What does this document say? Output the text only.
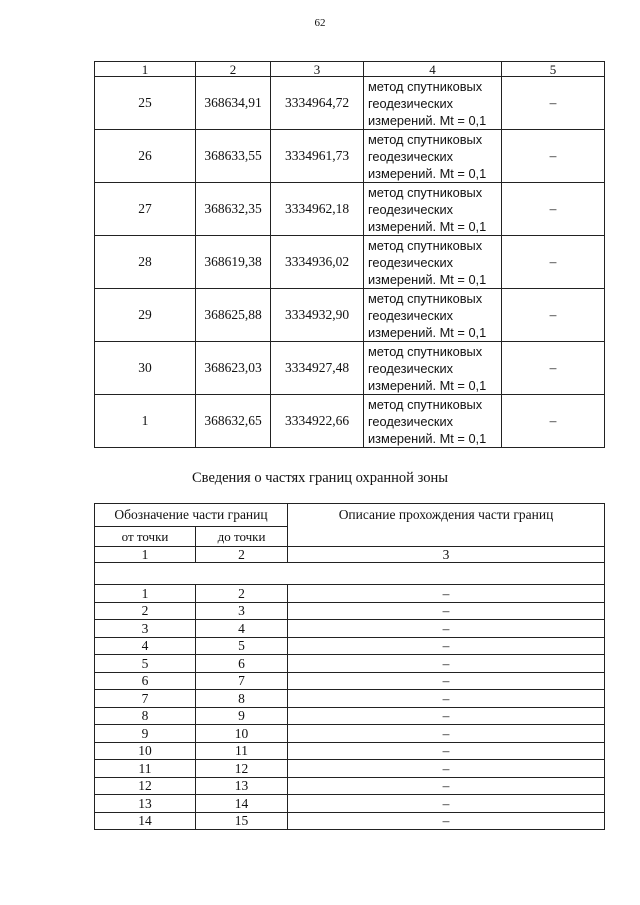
62
1	2	3	4	5
25	368634,91	3334964,72	метод спутниковых
геодезических
измерений. Mt = 0,1	–
26	368633,55	3334961,73	метод спутниковых
геодезических
измерений. Mt = 0,1	–
27	368632,35	3334962,18	метод спутниковых
геодезических
измерений. Mt = 0,1	–
28	368619,38	3334936,02	метод спутниковых
геодезических
измерений. Mt = 0,1	–
29	368625,88	3334932,90	метод спутниковых
геодезических
измерений. Mt = 0,1	–
30	368623,03	3334927,48	метод спутниковых
геодезических
измерений. Mt = 0,1	–
1	368632,65	3334922,66	метод спутниковых
геодезических
измерений. Mt = 0,1	–
Сведения о частях границ охранной зоны
Обозначение части границ		Описание прохождения части границ
от точки	до точки	
1	2	3

1	2	–
2	3	–
3	4	–
4	5	–
5	6	–
6	7	–
7	8	–
8	9	–
9	10	–
10	11	–
11	12	–
12	13	–
13	14	–
14	15	–
